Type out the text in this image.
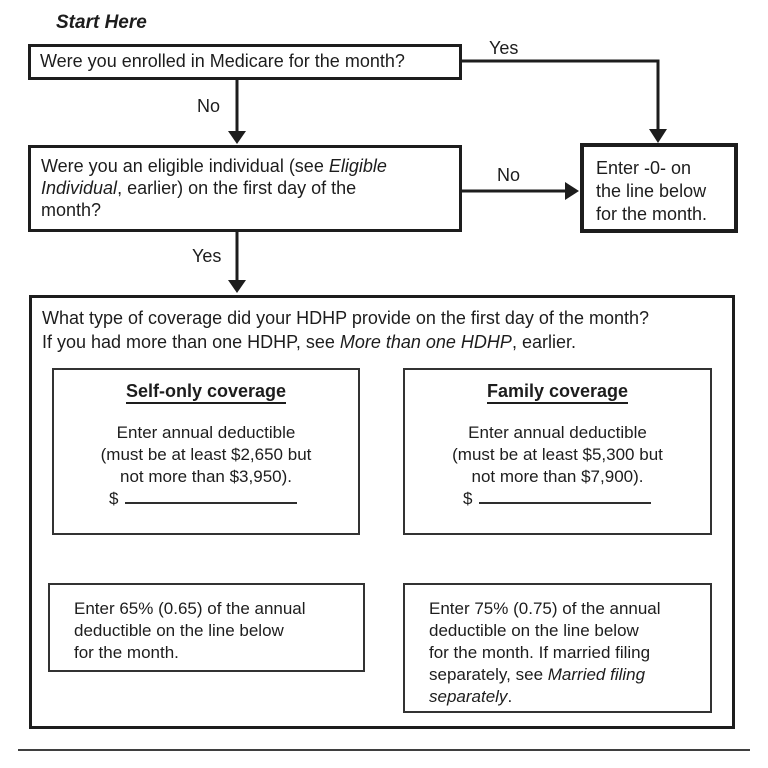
Start Here
Were you enrolled in Medicare for the month?
Yes
No
Were you an eligible individual (see Eligible
Individual, earlier) on the first day of the
month?
No	Enter -0- on
the line below
for the month.
Yes
What type of coverage did your HDHP provide on the first day of the month?
If you had more than one HDHP, see More than one HDHP, earlier.
Self-only coverage
Enter annual deductible
(must be at least $2,650 but
not more than $3,950).
$
Family coverage
Enter annual deductible
(must be at least $5,300 but
not more than $7,900).
$
Enter 65% (0.65) of the annual
deductible on the line below
for the month.
Enter 75% (0.75) of the annual
deductible on the line below
for the month. If married filing
separately, see Married filing
separately.
